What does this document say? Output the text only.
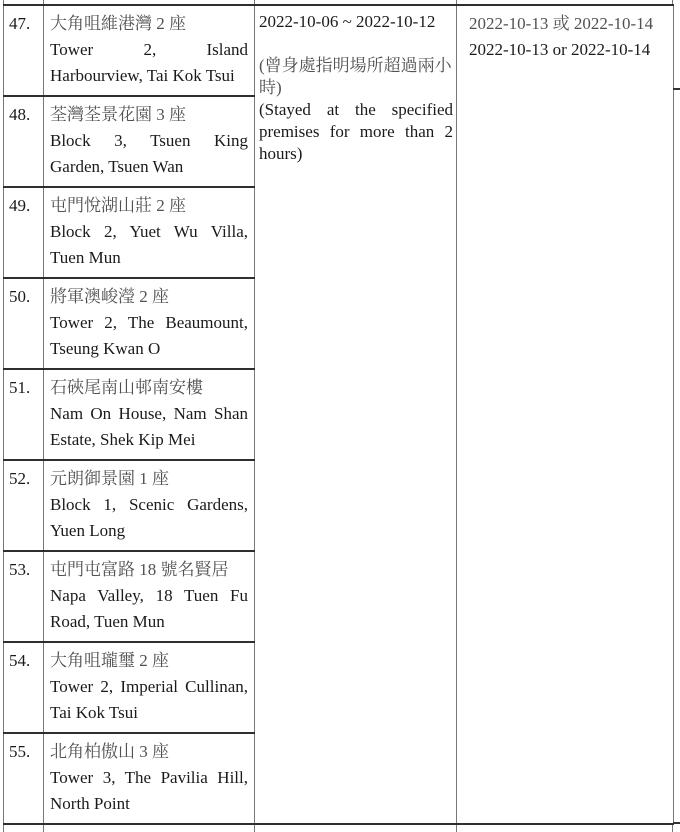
47.	大角咀維港灣 2 座
Tower 2, Island Harbourview, Tai Kok Tsui

2022-10-06 ~ 2022-10-12
(曾身處指明場所超過兩小時)
(Stayed at the specified premises for more than 2 hours)

2022-10-13 或 2022-10-14
2022-10-13 or 2022-10-14

48.	荃灣荃景花園 3 座
Block 3, Tsuen King Garden, Tsuen Wan		

49.	屯門悅湖山莊 2 座
Block 2, Yuet Wu Villa, Tuen Mun		

50.	將軍澳峻瀅 2 座
Tower 2, The Beaumount, Tseung Kwan O		

51.	石硤尾南山邨南安樓
Nam On House, Nam Shan Estate, Shek Kip Mei		

52.	元朗御景園 1 座
Block 1, Scenic Gardens, Yuen Long		

53.	屯門屯富路 18 號名賢居
Napa Valley, 18 Tuen Fu Road, Tuen Mun		

54.	大角咀瓏璽 2 座
Tower 2, Imperial Cullinan, Tai Kok Tsui		

55.	北角柏傲山 3 座
Tower 3, The Pavilia Hill, North Point		
